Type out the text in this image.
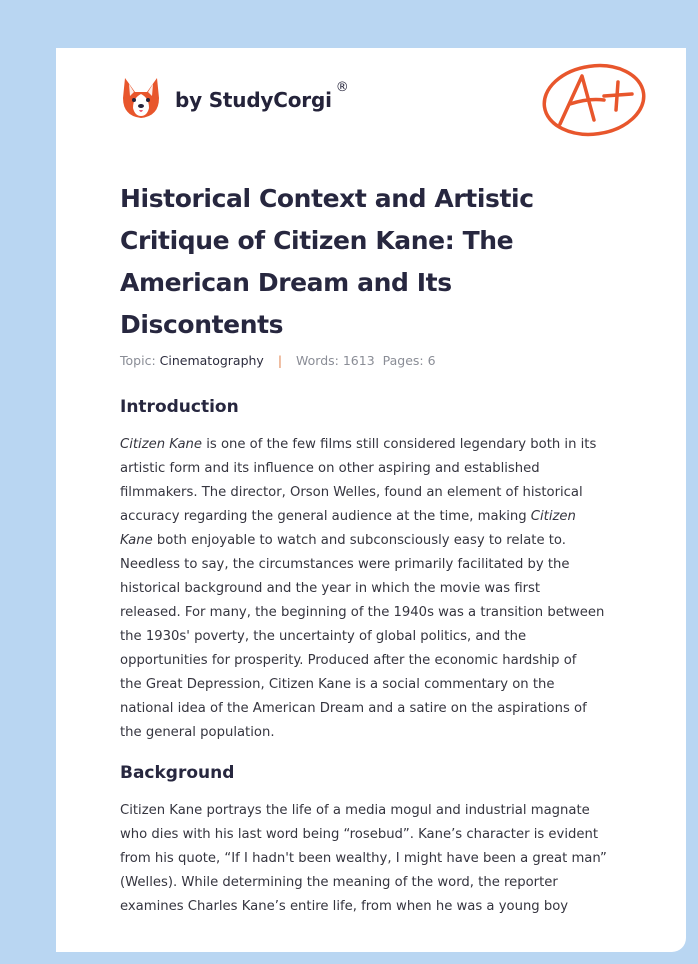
by StudyCorgi
®
A+
Historical Context and Artistic
Critique of Citizen Kane: The
American Dream and Its
Discontents
Topic: Cinematography | Words: 1613 Pages: 6
Introduction
Citizen Kane is one of the few films still considered legendary both in its
artistic form and its influence on other aspiring and established
filmmakers. The director, Orson Welles, found an element of historical
accuracy regarding the general audience at the time, making Citizen
Kane both enjoyable to watch and subconsciously easy to relate to.
Needless to say, the circumstances were primarily facilitated by the
historical background and the year in which the movie was first
released. For many, the beginning of the 1940s was a transition between
the 1930s' poverty, the uncertainty of global politics, and the
opportunities for prosperity. Produced after the economic hardship of
the Great Depression, Citizen Kane is a social commentary on the
national idea of the American Dream and a satire on the aspirations of
the general population.
Background
Citizen Kane portrays the life of a media mogul and industrial magnate
who dies with his last word being “rosebud”. Kane’s character is evident
from his quote, “If I hadn't been wealthy, I might have been a great man”
(Welles). While determining the meaning of the word, the reporter
examines Charles Kane’s entire life, from when he was a young boy
